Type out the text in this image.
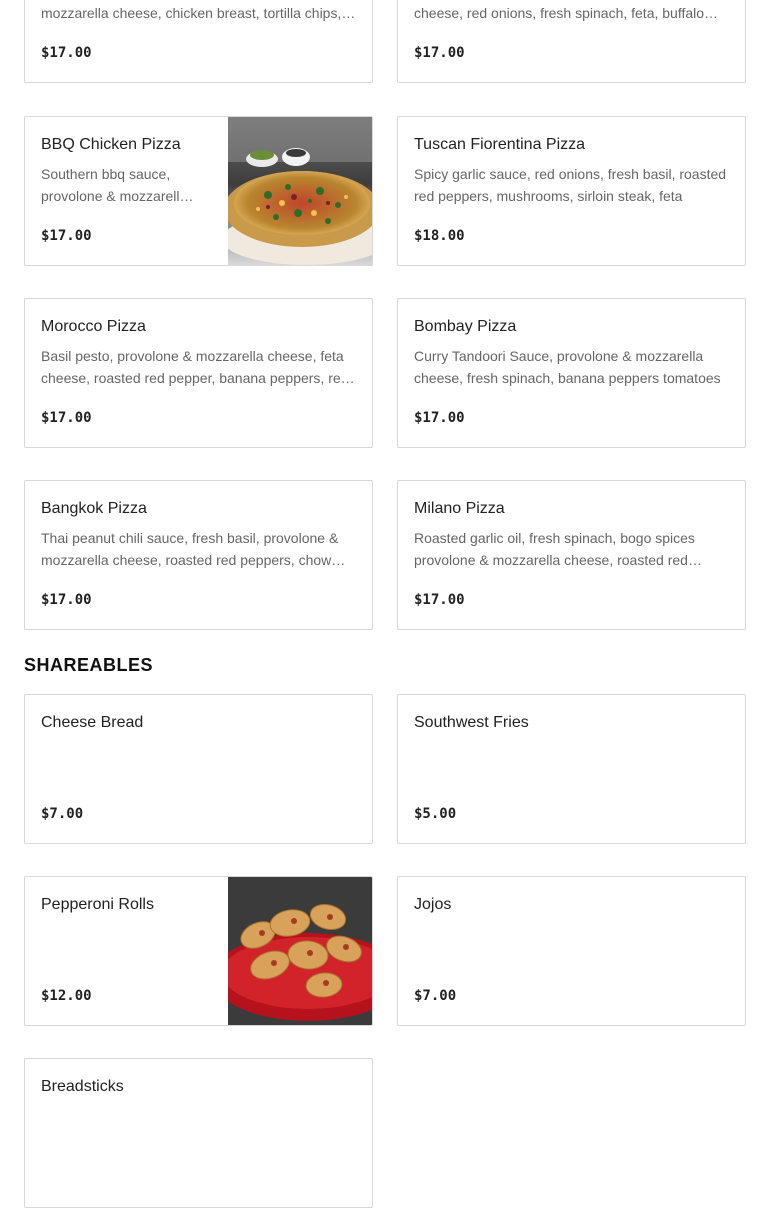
mozzarella cheese, chicken breast, tortilla chips,
$17.00
cheese, red onions, fresh spinach, feta, buffalo
$17.00
BBQ Chicken Pizza
Southern bbq sauce, provolone & mozzarella
$17.00
Tuscan Fiorentina Pizza
Spicy garlic sauce, red onions, fresh basil, roasted red peppers, mushrooms, sirloin steak, feta
$18.00
Morocco Pizza
Basil pesto, provolone & mozzarella cheese, feta cheese, roasted red pepper, banana peppers, red
$17.00
Bombay Pizza
Curry Tandoori Sauce, provolone & mozzarella cheese, fresh spinach, banana peppers tomatoes
$17.00
Bangkok Pizza
Thai peanut chili sauce, fresh basil, provolone & mozzarella cheese, roasted red peppers, chow
$17.00
Milano Pizza
Roasted garlic oil, fresh spinach, bogo spices provolone & mozzarella cheese, roasted red
$17.00
SHAREABLES
Cheese Bread
$7.00
Southwest Fries
$5.00
Pepperoni Rolls
$12.00
Jojos
$7.00
Breadsticks
